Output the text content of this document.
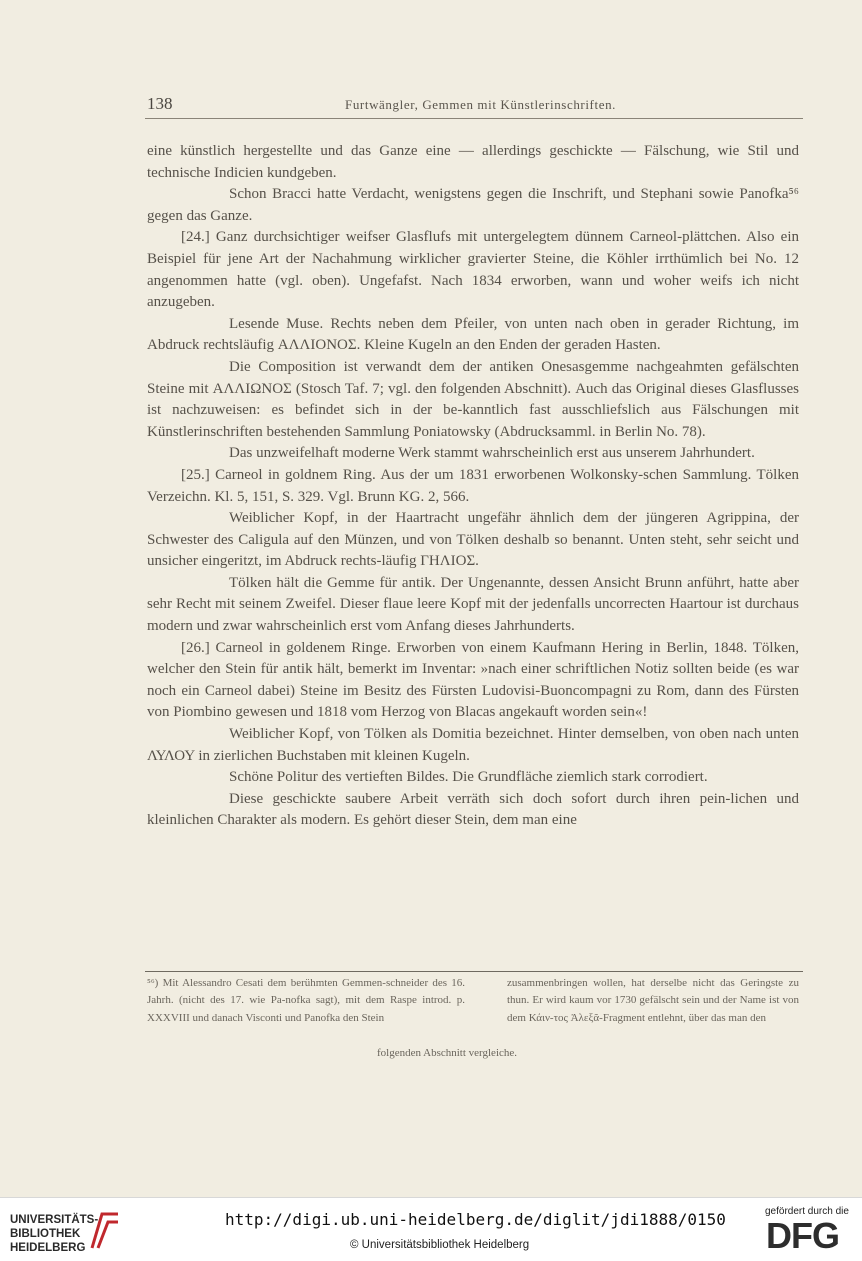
138	Furtwängler, Gemmen mit Künstlerinschriften.

eine künstlich hergestellte und das Ganze eine — allerdings geschickte — Fälschung, wie Stil und technische Indicien kundgeben.

Schon Bracci hatte Verdacht, wenigstens gegen die Inschrift, und Stephani sowie Panofka⁵⁶ gegen das Ganze.

[24.] Ganz durchsichtiger weifser Glasflufs mit untergelegtem dünnem Carneol-plättchen. Also ein Beispiel für jene Art der Nachahmung wirklicher gravierter Steine, die Köhler irrthümlich bei No. 12 angenommen hatte (vgl. oben). Ungefafst. Nach 1834 erworben, wann und woher weifs ich nicht anzugeben.

Lesende Muse. Rechts neben dem Pfeiler, von unten nach oben in gerader Richtung, im Abdruck rechtsläufig ΑΛΛΙΟΝΟΣ. Kleine Kugeln an den Enden der geraden Hasten.

Die Composition ist verwandt dem der antiken Onesasgemme nachgeahmten gefälschten Steine mit ΑΛΛΙΩΝΟΣ (Stosch Taf. 7; vgl. den folgenden Abschnitt). Auch das Original dieses Glasflusses ist nachzuweisen: es befindet sich in der be-kanntlich fast ausschliefslich aus Fälschungen mit Künstlerinschriften bestehenden Sammlung Poniatowsky (Abdrucksamml. in Berlin No. 78).

Das unzweifelhaft moderne Werk stammt wahrscheinlich erst aus unserem Jahrhundert.

[25.] Carneol in goldnem Ring. Aus der um 1831 erworbenen Wolkonsky-schen Sammlung. Tölken Verzeichn. Kl. 5, 151, S. 329. Vgl. Brunn KG. 2, 566.

Weiblicher Kopf, in der Haartracht ungefähr ähnlich dem der jüngeren Agrippina, der Schwester des Caligula auf den Münzen, und von Tölken deshalb so benannt. Unten steht, sehr seicht und unsicher eingeritzt, im Abdruck rechts-läufig ΓΗΛΙΟΣ.

Tölken hält die Gemme für antik. Der Ungenannte, dessen Ansicht Brunn anführt, hatte aber sehr Recht mit seinem Zweifel. Dieser flaue leere Kopf mit der jedenfalls uncorrecten Haartour ist durchaus modern und zwar wahrscheinlich erst vom Anfang dieses Jahrhunderts.

[26.] Carneol in goldenem Ringe. Erworben von einem Kaufmann Hering in Berlin, 1848. Tölken, welcher den Stein für antik hält, bemerkt im Inventar: »nach einer schriftlichen Notiz sollten beide (es war noch ein Carneol dabei) Steine im Besitz des Fürsten Ludovisi-Buoncompagni zu Rom, dann des Fürsten von Piombino gewesen und 1818 vom Herzog von Blacas angekauft worden sein«!

Weiblicher Kopf, von Tölken als Domitia bezeichnet. Hinter demselben, von oben nach unten ΛΥΛΟΥ in zierlichen Buchstaben mit kleinen Kugeln.

Schöne Politur des vertieften Bildes. Die Grundfläche ziemlich stark corrodiert.

Diese geschickte saubere Arbeit verräth sich doch sofort durch ihren pein-lichen und kleinlichen Charakter als modern. Es gehört dieser Stein, dem man eine

⁵⁶) Mit Alessandro Cesati dem berühmten Gemmen-schneider des 16. Jahrh. (nicht des 17. wie Pa-nofka sagt), mit dem Raspe introd. p. XXXVIII und danach Visconti und Panofka den Stein
zusammenbringen wollen, hat derselbe nicht das Geringste zu thun. Er wird kaum vor 1730 gefälscht sein und der Name ist von dem Κάιν-τος Ἀλεξᾶ-Fragment entlehnt, über das man den
folgenden Abschnitt vergleiche.
UNIVERSITÄTS-
BIBLIOTHEK
HEIDELBERG
http://digi.ub.uni-heidelberg.de/diglit/jdi1888/0150
© Universitätsbibliothek Heidelberg
gefördert durch die
DFG
